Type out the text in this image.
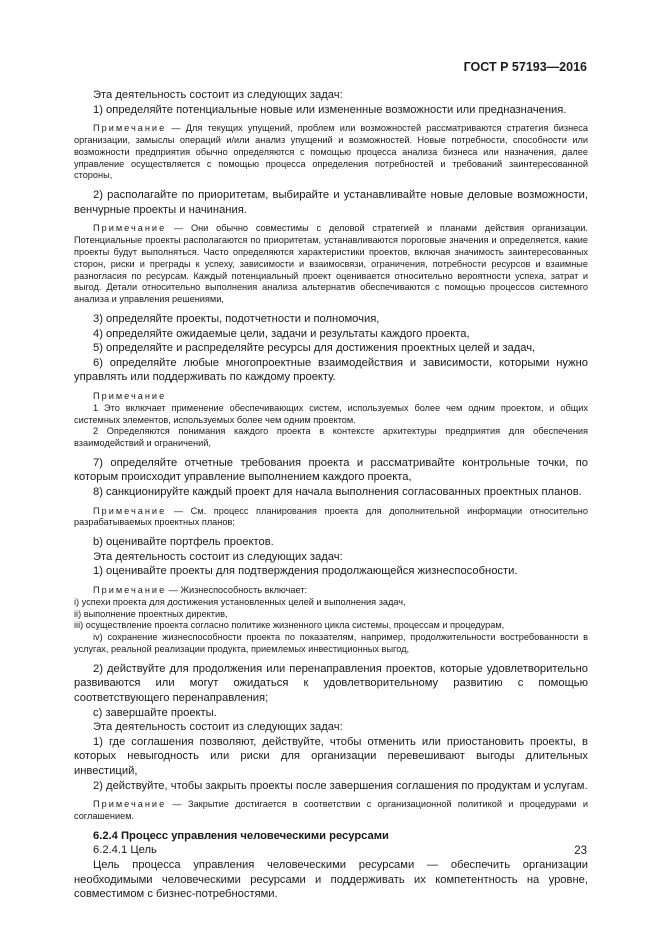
ГОСТ Р 57193—2016

Эта деятельность состоит из следующих задач:

1) определяйте потенциальные новые или измененные возможности или предназначения.

Примечание — Для текущих упущений, проблем или возможностей рассматриваются стратегия бизнеса организации, замыслы операций и/или анализ упущений и возможностей. Новые потребности, способности или возможности предприятия обычно определяются с помощью процесса анализа бизнеса или назначения, далее управление осуществляется с помощью процесса определения потребностей и требований заинтересованной стороны,

2) располагайте по приоритетам, выбирайте и устанавливайте новые деловые возможности, венчурные проекты и начинания.

Примечание — Они обычно совместимы с деловой стратегией и планами действия организации. Потенциальные проекты располагаются по приоритетам, устанавливаются пороговые значения и определяется, какие проекты будут выполняться. Часто определяются характеристики проектов, включая значимость заинтересованных сторон, риски и преграды к успеху, зависимости и взаимосвязи, ограничения, потребности ресурсов и взаимные разногласия по ресурсам. Каждый потенциальный проект оценивается относительно вероятности успеха, затрат и выгод. Детали относительно выполнения анализа альтернатив обеспечиваются с помощью процессов системного анализа и управления решениями,

3) определяйте проекты, подотчетности и полномочия,

4) определяйте ожидаемые цели, задачи и результаты каждого проекта,

5) определяйте и распределяйте ресурсы для достижения проектных целей и задач,

6) определяйте любые многопроектные взаимодействия и зависимости, которыми нужно управлять или поддерживать по каждому проекту.

Примечание

1 Это включает применение обеспечивающих систем, используемых более чем одним проектом, и общих системных элементов, используемых более чем одним проектом.

2 Определяются понимания каждого проекта в контексте архитектуры предприятия для обеспечения взаимодействий и ограничений,

7) определяйте отчетные требования проекта и рассматривайте контрольные точки, по которым происходит управление выполнением каждого проекта,

8) санкционируйте каждый проект для начала выполнения согласованных проектных планов.

Примечание — См. процесс планирования проекта для дополнительной информации относительно разрабатываемых проектных планов;

b) оценивайте портфель проектов.

Эта деятельность состоит из следующих задач:

1) оценивайте проекты для подтверждения продолжающейся жизнеспособности.

Примечание — Жизнеспособность включает:

i) успехи проекта для достижения установленных целей и выполнения задач,

ii) выполнение проектных директив,

iii) осуществление проекта согласно политике жизненного цикла системы, процессам и процедурам,

iv) сохранение жизнеспособности проекта по показателям, например, продолжительности востребованности в услугах, реальной реализации продукта, приемлемых инвестиционных выгод,

2) действуйте для продолжения или перенаправления проектов, которые удовлетворительно развиваются или могут ожидаться к удовлетворительному развитию с помощью соответствующего перенаправления;

c) завершайте проекты.

Эта деятельность состоит из следующих задач:

1) где соглашения позволяют, действуйте, чтобы отменить или приостановить проекты, в которых невыгодность или риски для организации перевешивают выгоды длительных инвестиций,

2) действуйте, чтобы закрыть проекты после завершения соглашения по продуктам и услугам.

Примечание — Закрытие достигается в соответствии с организационной политикой и процедурами и соглашением.

6.2.4 Процесс управления человеческими ресурсами

6.2.4.1 Цель

Цель процесса управления человеческими ресурсами — обеспечить организации необходимыми человеческими ресурсами и поддерживать их компетентность на уровне, совместимом с бизнес-потребностями.

23
